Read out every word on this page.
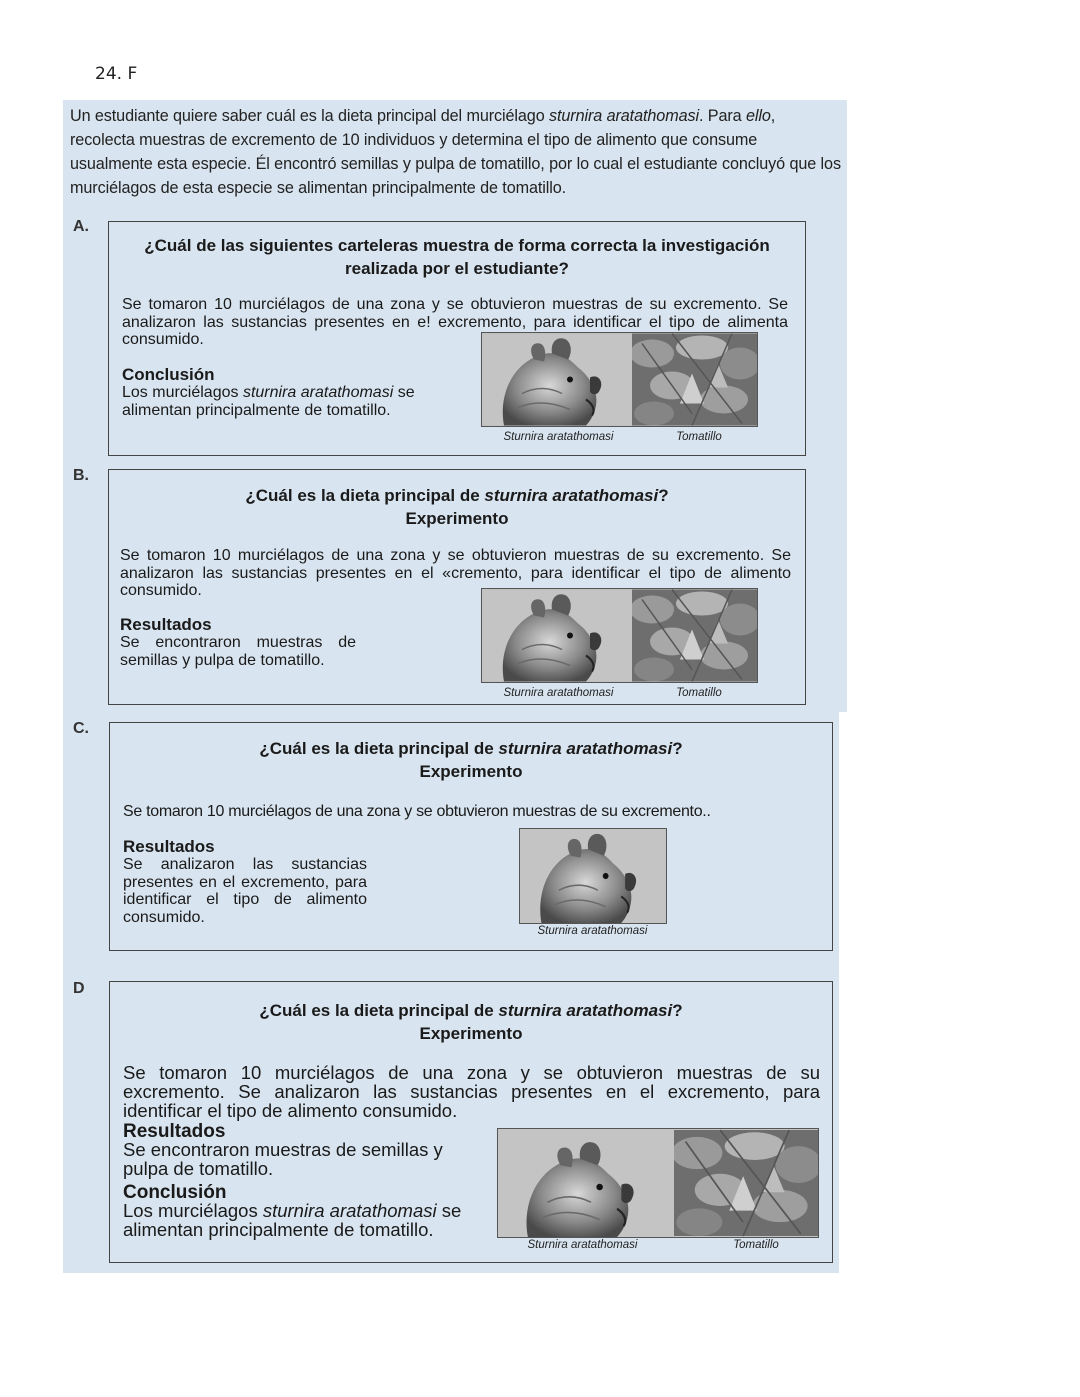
24. F
Un estudiante quiere saber cuál es la dieta principal del murciélago sturnira aratathomasi. Para ello, recolecta muestras de excremento de 10 individuos y determina el tipo de alimento que consume usualmente esta especie. Él encontró semillas y pulpa de tomatillo, por lo cual el estudiante concluyó que los murciélagos de esta especie se alimentan principalmente de tomatillo.
A.
¿Cuál de las siguientes carteleras muestra de forma correcta la investigación realizada por el estudiante?
Se tomaron 10 murciélagos de una zona y se obtuvieron muestras de su excremento. Se analizaron las sustancias presentes en e! excremento, para identificar el tipo de alimenta consumido.
Conclusión
Los murciélagos sturnira aratathomasi se alimentan principalmente de tomatillo.
Sturnira aratathomasi	Tomatillo
B.
¿Cuál es la dieta principal de sturnira aratathomasi?
Experimento
Se tomaron 10 murciélagos de una zona y se obtuvieron muestras de su excremento. Se analizaron las sustancias presentes en el «cremento, para identificar el tipo de alimento consumido.
Resultados
Se encontraron muestras de semillas y pulpa de tomatillo.
Sturnira aratathomasi	Tomatillo
C.
¿Cuál es la dieta principal de sturnira aratathomasi?
Experimento
Se tomaron 10 murciélagos de una zona y se obtuvieron muestras de su excremento..
Resultados
Se analizaron las sustancias presentes en el excremento, para identificar el tipo de alimento consumido.
Sturnira aratathomasi
D
¿Cuál es la dieta principal de sturnira aratathomasi?
Experimento
Se tomaron 10 murciélagos de una zona y se obtuvieron muestras de su excremento. Se analizaron las sustancias presentes en el excremento, para identificar el tipo de alimento consumido.
Resultados
Se encontraron muestras de semillas y pulpa de tomatillo.
Conclusión
Los murciélagos sturnira aratathomasi se alimentan principalmente de tomatillo.
Sturnira aratathomasi	Tomatillo
